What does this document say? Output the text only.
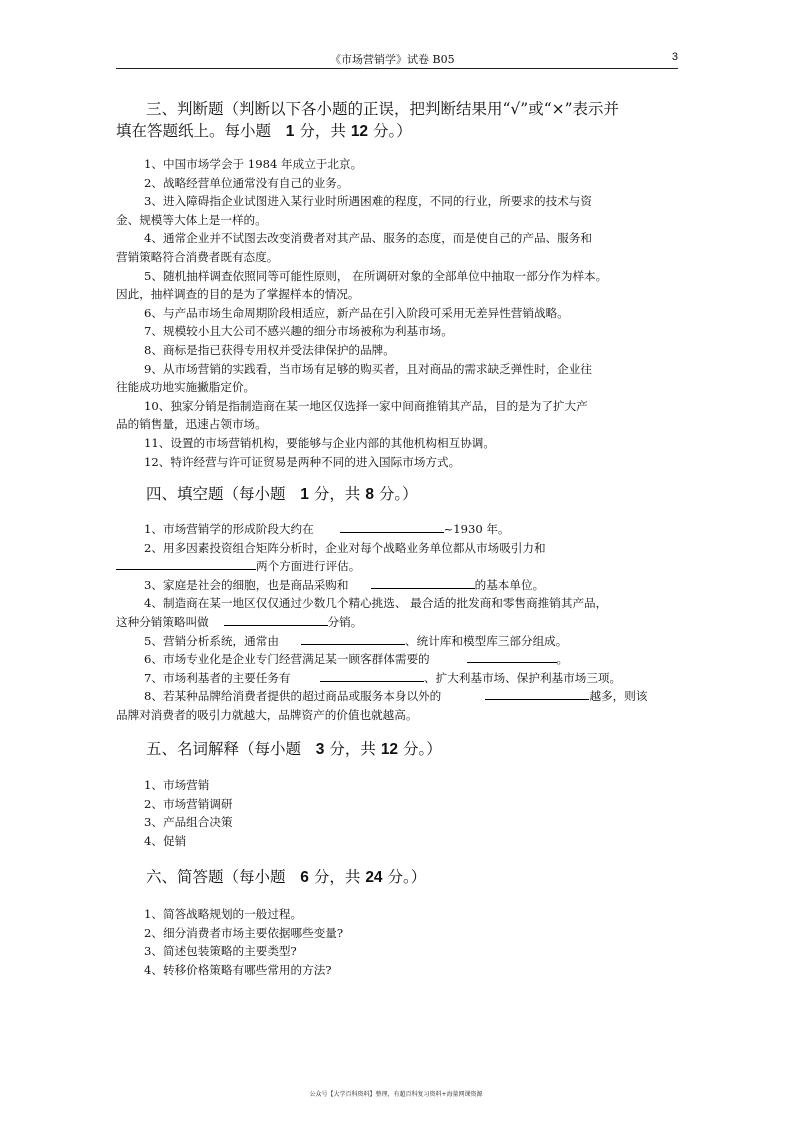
《市场营销学》试卷 B05	3
三、判断题（判断以下各小题的正误，把判断结果用“√”或“×”表示并
填在答题纸上。每小题 1 分，共 12 分。）
1、中国市场学会于 1984 年成立于北京。
2、战略经营单位通常没有自己的业务。
3、进入障碍指企业试图进入某行业时所遇困难的程度，不同的行业，所要求的技术与资
金、规模等大体上是一样的。
4、通常企业并不试图去改变消费者对其产品、服务的态度，而是使自己的产品、服务和
营销策略符合消费者既有态度。
5、随机抽样调查依照同等可能性原则， 在所调研对象的全部单位中抽取一部分作为样本。
因此，抽样调查的目的是为了掌握样本的情况。
6、与产品市场生命周期阶段相适应，新产品在引入阶段可采用无差异性营销战略。
7、规模较小且大公司不感兴趣的细分市场被称为利基市场。
8、商标是指已获得专用权并受法律保护的品牌。
9、从市场营销的实践看，当市场有足够的购买者，且对商品的需求缺乏弹性时，企业往
往能成功地实施撇脂定价。
10、独家分销是指制造商在某一地区仅选择一家中间商推销其产品，目的是为了扩大产
品的销售量，迅速占领市场。
11、设置的市场营销机构，要能够与企业内部的其他机构相互协调。
12、特许经营与许可证贸易是两种不同的进入国际市场方式。
四、填空题（每小题 1 分，共 8 分。）
1、市场营销学的形成阶段大约在	~1930 年。
2、用多因素投资组合矩阵分析时，企业对每个战略业务单位都从市场吸引力和
两个方面进行评估。
3、家庭是社会的细胞，也是商品采购和	的基本单位。
4、制造商在某一地区仅仅通过少数几个精心挑选、 最合适的批发商和零售商推销其产品，
这种分销策略叫做	分销。
5、营销分析系统，通常由	、统计库和模型库三部分组成。
6、市场专业化是企业专门经营满足某一顾客群体需要的	。
7、市场利基者的主要任务有	、扩大利基市场、保护利基市场三项。
8、若某种品牌给消费者提供的超过商品或服务本身以外的	越多，则该
品牌对消费者的吸引力就越大，品牌资产的价值也就越高。
五、名词解释（每小题 3 分，共 12 分。）
1、市场营销
2、市场营销调研
3、产品组合决策
4、促销
六、简答题（每小题 6 分，共 24 分。）
1、简答战略规划的一般过程。
2、细分消费者市场主要依据哪些变量?
3、简述包装策略的主要类型?
4、转移价格策略有哪些常用的方法?
公众号【大学百科资料】整理，有超百科复习资料+海量网课资源
